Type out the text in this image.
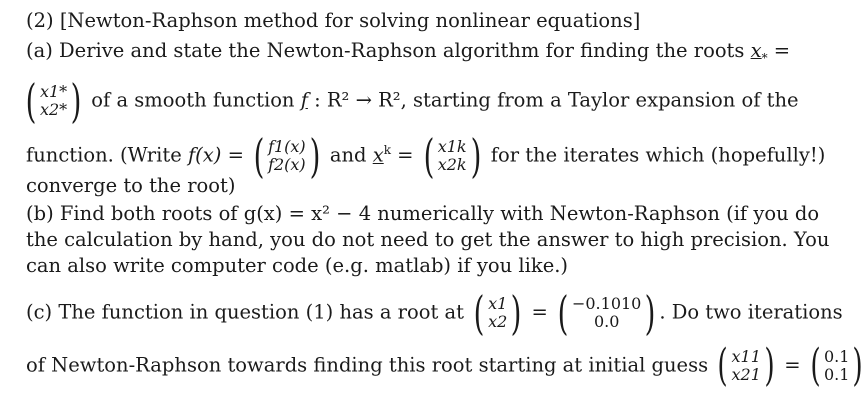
(2) [Newton-Raphson method for solving nonlinear equations]
(a) Derive and state the Newton-Raphson algorithm for finding the roots $x_*$ =
( x1*
x2* ) of a smooth function f : R² → R², starting from a Taylor expansion of the
function. (Write f(x) = ( f1(x)
f2(x) ) and $x^k$ = ( x1k
x2k ) for the iterates which (hopefully!)
converge to the root)
(b) Find both roots of g(x) = x² − 4 numerically with Newton-Raphson (if you do
the calculation by hand, you do not need to get the answer to high precision. You
can also write computer code (e.g. matlab) if you like.)
(c) The function in question (1) has a root at ( x1
x2 ) = ( −0.1010
0.0 ) . Do two iterations
of Newton-Raphson towards finding this root starting at initial guess ( x11
x21 ) = ( 0.1
0.1 )
